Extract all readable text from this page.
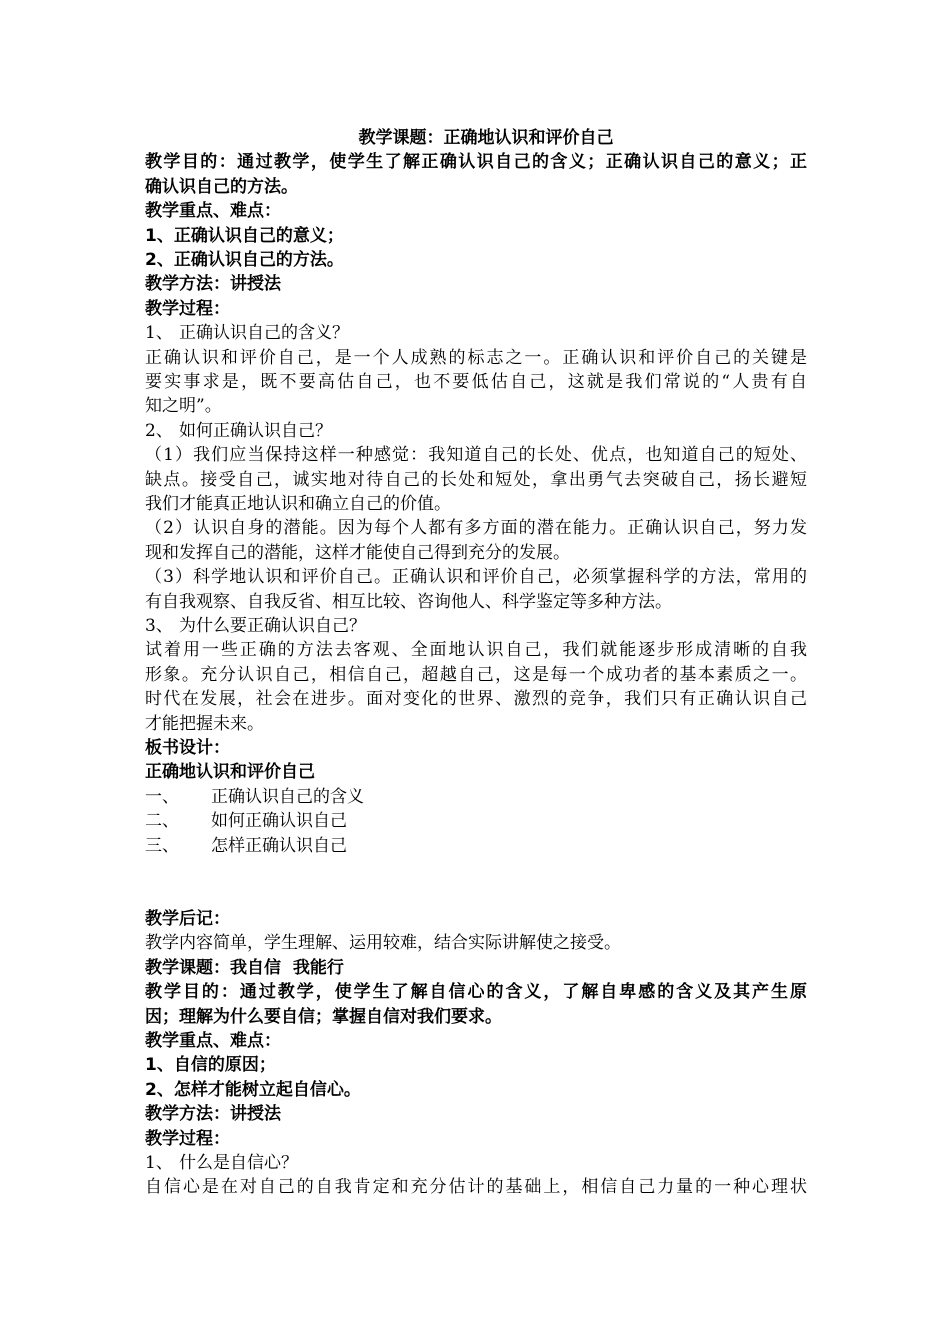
教学课题：正确地认识和评价自己
教学目的：通过教学，使学生了解正确认识自己的含义；正确认识自己的意义；正
确认识自己的方法。
教学重点、难点：
1、正确认识自己的意义；
2、正确认识自己的方法。
教学方法：讲授法
教学过程：
1、 正确认识自己的含义？
正确认识和评价自己，是一个人成熟的标志之一。正确认识和评价自己的关键是
要实事求是，既不要高估自己，也不要低估自己，这就是我们常说的“人贵有自
知之明”。
2、 如何正确认识自己？
（1）我们应当保持这样一种感觉：我知道自己的长处、优点，也知道自己的短处、
缺点。接受自己，诚实地对待自己的长处和短处，拿出勇气去突破自己，扬长避短
我们才能真正地认识和确立自己的价值。
（2）认识自身的潜能。因为每个人都有多方面的潜在能力。正确认识自己，努力发
现和发挥自己的潜能，这样才能使自己得到充分的发展。
（3）科学地认识和评价自己。正确认识和评价自己，必须掌握科学的方法，常用的
有自我观察、自我反省、相互比较、咨询他人、科学鉴定等多种方法。
3、 为什么要正确认识自己？
试着用一些正确的方法去客观、全面地认识自己，我们就能逐步形成清晰的自我
形象。充分认识自己，相信自己，超越自己，这是每一个成功者的基本素质之一。
时代在发展，社会在进步。面对变化的世界、激烈的竞争，我们只有正确认识自己
才能把握未来。
板书设计：
正确地认识和评价自己
一、 正确认识自己的含义
二、 如何正确认识自己
三、 怎样正确认识自己
教学后记：
教学内容简单，学生理解、运用较难，结合实际讲解使之接受。
教学课题：我自信  我能行
教学目的：通过教学，使学生了解自信心的含义，了解自卑感的含义及其产生原
因；理解为什么要自信；掌握自信对我们要求。
教学重点、难点：
1、自信的原因；
2、怎样才能树立起自信心。
教学方法：讲授法
教学过程：
1、 什么是自信心？
自信心是在对自己的自我肯定和充分估计的基础上，相信自己力量的一种心理状
